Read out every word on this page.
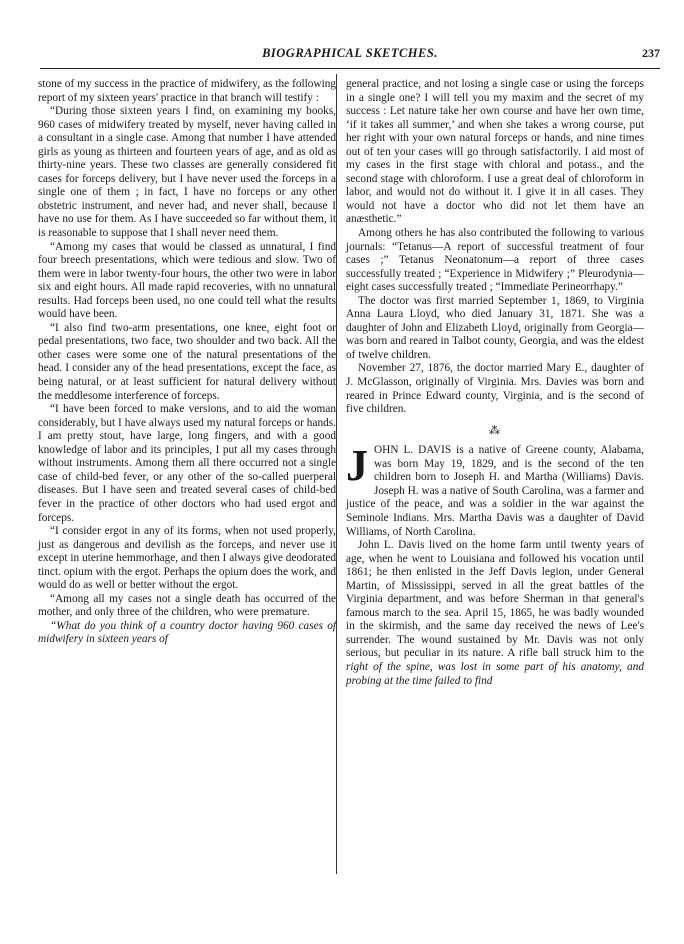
BIOGRAPHICAL SKETCHES.	237

stone of my success in the practice of midwifery, as the following report of my sixteen years' practice in that branch will testify :

“During those sixteen years I find, on examining my books, 960 cases of midwifery treated by myself, never having called in a consultant in a single case. Among that number I have attended girls as young as thirteen and fourteen years of age, and as old as thirty-nine years. These two classes are generally considered fit cases for forceps delivery, but I have never used the forceps in a single one of them ; in fact, I have no forceps or any other obstetric instrument, and never had, and never shall, because I have no use for them. As I have succeeded so far without them, it is reasonable to suppose that I shall never need them.

“Among my cases that would be classed as unnatural, I find four breech presentations, which were tedious and slow. Two of them were in labor twenty-four hours, the other two were in labor six and eight hours. All made rapid recoveries, with no unnatural results. Had forceps been used, no one could tell what the results would have been.

“I also find two-arm presentations, one knee, eight foot or pedal presentations, two face, two shoulder and two back. All the other cases were some one of the natural presentations of the head. I consider any of the head presentations, except the face, as being natural, or at least sufficient for natural delivery without the meddlesome interference of forceps.

“I have been forced to make versions, and to aid the woman considerably, but I have always used my natural forceps or hands. I am pretty stout, have large, long fingers, and with a good knowledge of labor and its principles, I put all my cases through without instruments. Among them all there occurred not a single case of child-bed fever, or any other of the so-called puerperal diseases. But I have seen and treated several cases of child-bed fever in the practice of other doctors who had used ergot and forceps.

“I consider ergot in any of its forms, when not used properly, just as dangerous and devilish as the forceps, and never use it except in uterine hemmorhage, and then I always give deodorated tinct. opium with the ergot. Perhaps the opium does the work, and would do as well or better without the ergot.

“Among all my cases not a single death has occurred of the mother, and only three of the children, who were premature.

“What do you think of a country doctor having 960 cases of midwifery in sixteen years of

general practice, and not losing a single case or using the forceps in a single one? I will tell you my maxim and the secret of my success : Let nature take her own course and have her own time, ‘if it takes all summer,’ and when she takes a wrong course, put her right with your own natural forceps or hands, and nine times out of ten your cases will go through satisfactorily. I aid most of my cases in the first stage with chloral and potass., and the second stage with chloroform. I use a great deal of chloroform in labor, and would not do without it. I give it in all cases. They would not have a doctor who did not let them have an anæsthetic.”

Among others he has also contributed the following to various journals: “Tetanus—A report of successful treatment of four cases ;” Tetanus Neonatonum—a report of three cases successfully treated ; “Experience in Midwifery ;” Pleurodynia—eight cases successfully treated ; “Immediate Perineorrhapy.”

The doctor was first married September 1, 1869, to Virginia Anna Laura Lloyd, who died January 31, 1871. She was a daughter of John and Elizabeth Lloyd, originally from Georgia—was born and reared in Talbot county, Georgia, and was the eldest of twelve children.

November 27, 1876, the doctor married Mary E., daughter of J. McGlasson, originally of Virginia. Mrs. Davies was born and reared in Prince Edward county, Virginia, and is the second of five children.

⁂
J OHN L. DAVIS is a native of Greene county, Alabama, was born May 19, 1829, and is the second of the ten children born to Joseph H. and Martha (Williams) Davis. Joseph H. was a native of South Carolina, was a farmer and justice of the peace, and was a soldier in the war against the Seminole Indians. Mrs. Martha Davis was a daughter of David Williams, of North Carolina.

John L. Davis lived on the home farm until twenty years of age, when he went to Louisiana and followed his vocation until 1861; he then enlisted in the Jeff Davis legion, under General Martin, of Mississippi, served in all the great battles of the Virginia department, and was before Sherman in that general's famous march to the sea. April 15, 1865, he was badly wounded in the skirmish, and the same day received the news of Lee's surrender. The wound sustained by Mr. Davis was not only serious, but peculiar in its nature. A rifle ball struck him to the right of the spine, was lost in some part of his anatomy, and probing at the time failed to find
